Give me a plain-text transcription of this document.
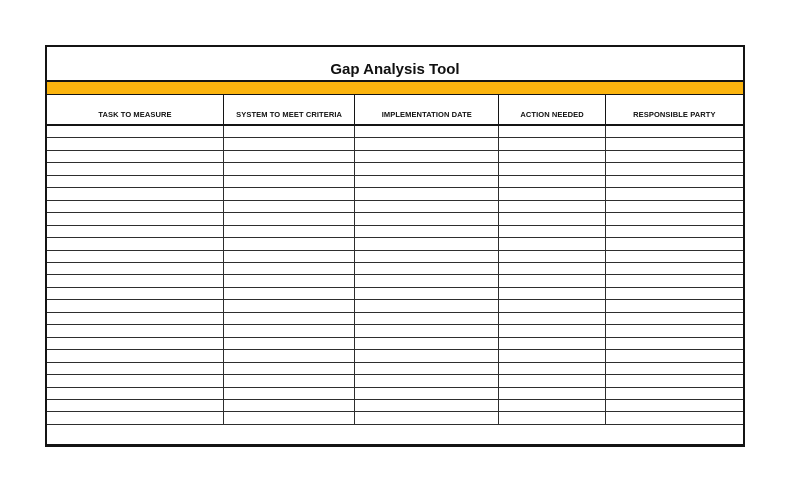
Gap Analysis Tool
TASK TO MEASURE	SYSTEM TO MEET CRITERIA	IMPLEMENTATION DATE	ACTION NEEDED	RESPONSIBLE PARTY
